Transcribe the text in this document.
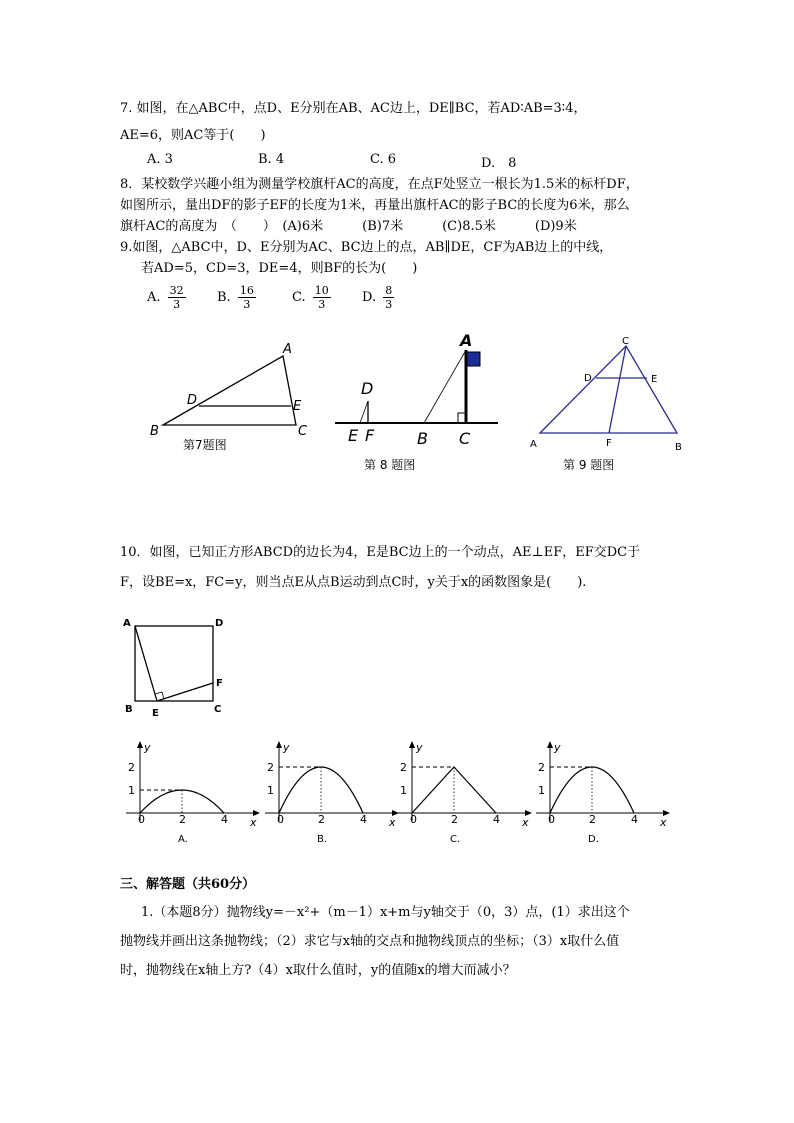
7. 如图，在△ABC中，点D、E分别在AB、AC边上，DE∥BC，若AD∶AB=3∶4，
AE=6，则AC等于(　　)
A. 3	B. 4	C. 6	D.　8
8．某校数学兴趣小组为测量学校旗杆AC的高度，在点F处竖立一根长为1.5米的标杆DF，
如图所示，量出DF的影子EF的长度为1米，再量出旗杆AC的影子BC的长度为6米，那么
旗杆AC的高度为　（　　）　(A)6米　　　(B)7米　　　(C)8.5米　　　(D)9米
9.如图，△ABC中，D、E分别为AC、BC边上的点，AB∥DE，CF为AB边上的中线，
若AD=5，CD=3，DE=4，则BF的长为(　　)
A. $\frac{32}{3} B$. $\frac{16}{3}$	C. $\frac{10}{3} D$. $\frac{8}{3}$
A
B	C
D	E
第7题图
A
B C
D
E F
第 8 题图
C
D	E
A	F	B
第 9 题图
10．如图，已知正方形ABCD的边长为4，E是BC边上的一个动点，AE⊥EF，EF交DC于
F，设BE=x，FC=y，则当点E从点B运动到点C时，y关于x的函数图象是(　　).
A	D
B E	C
F
y
x
2
1
0	2	4
A.
y
x
2
1
0	2	4
B.
y
x
2
1
0	2	4
C.
y
x
2
1
0	2	4
D.
三、解答题（共60分）
1.（本题8分）抛物线y=－x²+（m－1）x+m与y轴交于（0，3）点，(1）求出这个
抛物线并画出这条抛物线；（2）求它与x轴的交点和抛物线顶点的坐标；（3）x取什么值
时，抛物线在x轴上方?（4）x取什么值时，y的值随x的增大而减小？
